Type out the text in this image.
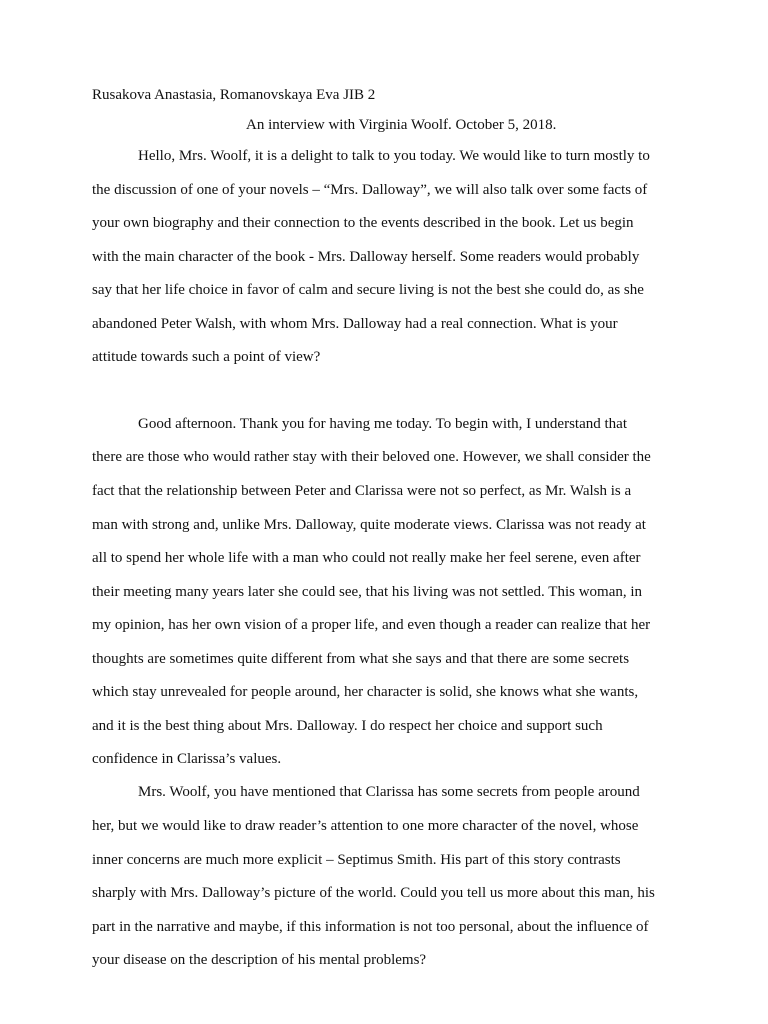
Rusakova Anastasia, Romanovskaya Eva JIB 2
An interview with Virginia Woolf. October 5, 2018.
Hello, Mrs. Woolf, it is a delight to talk to you today. We would like to turn mostly to
the discussion of one of your novels – “Mrs. Dalloway”, we will also talk over some facts of
your own biography and their connection to the events described in the book. Let us begin
with the main character of the book - Mrs. Dalloway herself. Some readers would probably
say that her life choice in favor of calm and secure living is not the best she could do, as she
abandoned Peter Walsh, with whom Mrs. Dalloway had a real connection. What is your
attitude towards such a point of view?
Good afternoon. Thank you for having me today. To begin with, I understand that
there are those who would rather stay with their beloved one. However, we shall consider the
fact that the relationship between Peter and Clarissa were not so perfect, as Mr. Walsh is a
man with strong and, unlike Mrs. Dalloway, quite moderate views. Clarissa was not ready at
all to spend her whole life with a man who could not really make her feel serene, even after
their meeting many years later she could see, that his living was not settled. This woman, in
my opinion, has her own vision of a proper life, and even though a reader can realize that her
thoughts are sometimes quite different from what she says and that there are some secrets
which stay unrevealed for people around, her character is solid, she knows what she wants,
and it is the best thing about Mrs. Dalloway. I do respect her choice and support such
confidence in Clarissa’s values.
Mrs. Woolf, you have mentioned that Clarissa has some secrets from people around
her, but we would like to draw reader’s attention to one more character of the novel, whose
inner concerns are much more explicit – Septimus Smith. His part of this story contrasts
sharply with Mrs. Dalloway’s picture of the world. Could you tell us more about this man, his
part in the narrative and maybe, if this information is not too personal, about the influence of
your disease on the description of his mental problems?
